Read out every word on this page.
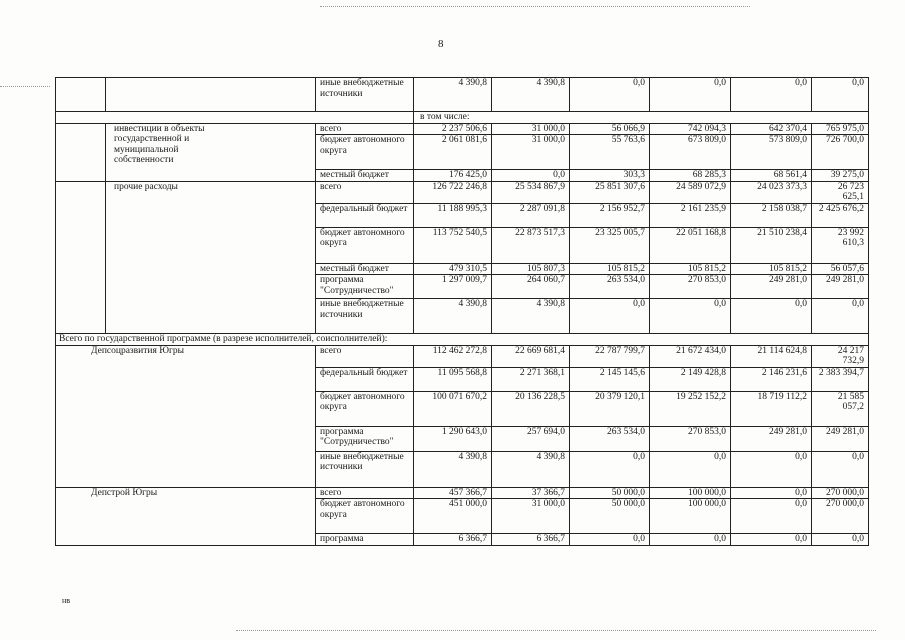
8
		иные внебюджетные источники	4 390,8	4 390,8	0,0	0,0	0,0	0,0
			в том числе:					
	инвестиции в объекты государственной и муниципальной собственности	всего	2 237 506,6	31 000,0	56 066,9	742 094,3	642 370,4	765 975,0
		бюджет автономного округа	2 061 081,6	31 000,0	55 763,6	673 809,0	573 809,0	726 700,0
		местный бюджет	176 425,0	0,0	303,3	68 285,3	68 561,4	39 275,0
	прочие расходы	всего	126 722 246,8	25 534 867,9	25 851 307,6	24 589 072,9	24 023 373,3	26 723 625,1
		федеральный бюджет	11 188 995,3	2 287 091,8	2 156 952,7	2 161 235,9	2 158 038,7	2 425 676,2
		бюджет автономного округа	113 752 540,5	22 873 517,3	23 325 005,7	22 051 168,8	21 510 238,4	23 992 610,3
		местный бюджет	479 310,5	105 807,3	105 815,2	105 815,2	105 815,2	56 057,6
		программа "Сотрудничество"	1 297 009,7	264 060,7	263 534,0	270 853,0	249 281,0	249 281,0
		иные внебюджетные источники	4 390,8	4 390,8	0,0	0,0	0,0	0,0
Всего по государственной программе (в разрезе исполнителей, соисполнителей):								
Депсоцразвития Югры		всего	112 462 272,8	22 669 681,4	22 787 799,7	21 672 434,0	21 114 624,8	24 217 732,9
		федеральный бюджет	11 095 568,8	2 271 368,1	2 145 145,6	2 149 428,8	2 146 231,6	2 383 394,7
		бюджет автономного округа	100 071 670,2	20 136 228,5	20 379 120,1	19 252 152,2	18 719 112,2	21 585 057,2
		программа "Сотрудничество"	1 290 643,0	257 694,0	263 534,0	270 853,0	249 281,0	249 281,0
		иные внебюджетные источники	4 390,8	4 390,8	0,0	0,0	0,0	0,0
Депстрой Югры		всего	457 366,7	37 366,7	50 000,0	100 000,0	0,0	270 000,0
		бюджет автономного округа	451 000,0	31 000,0	50 000,0	100 000,0	0,0	270 000,0
		программа	6 366,7	6 366,7	0,0	0,0	0,0	0,0
нв
